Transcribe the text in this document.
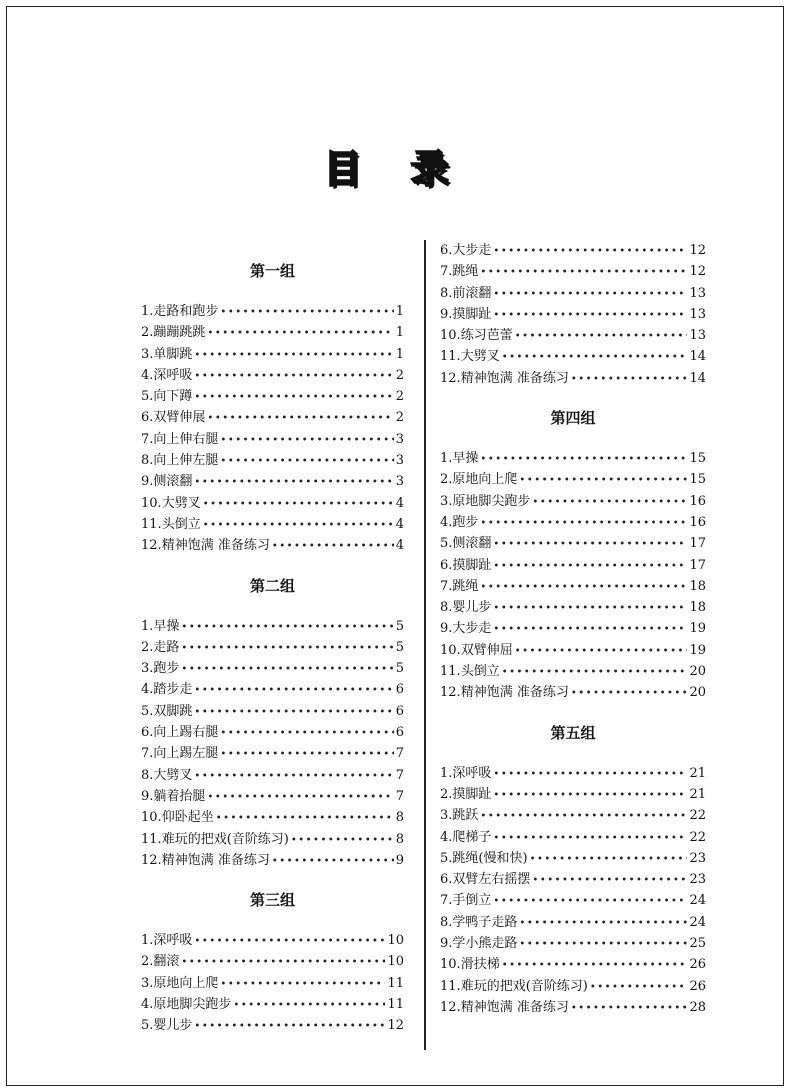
目 录
第一组
1. 走路和跑步 •••••	1
2. 蹦蹦跳跳 •••••	1
3. 单脚跳 •••••	1
4. 深呼吸 •••••	2
5. 向下蹲 •••••	2
6. 双臂伸展 •••••	2
7. 向上伸右腿 •••••	3
8. 向上伸左腿 •••••	3
9. 侧滚翻 •••••	3
10. 大劈叉 •••••	4
11. 头倒立 •••••	4
12. 精神饱满 准备练习 •••••	4
第二组
1. 早操 •••••	5
2. 走路 •••••	5
3. 跑步 •••••	5
4. 踏步走 •••••	6
5. 双脚跳 •••••	6
6. 向上踢右腿 •••••	6
7. 向上踢左腿 •••••	7
8. 大劈叉 •••••	7
9. 躺着抬腿 •••••	7
10. 仰卧起坐 •••••	8
11. 难玩的把戏(音阶练习) •••••	8
12. 精神饱满 准备练习 •••••	9
第三组
1. 深呼吸 •••••	10
2. 翻滚 •••••	10
3. 原地向上爬 •••••	11
4. 原地脚尖跑步 •••••	11
5. 婴儿步 •••••	12
6. 大步走 •••••	12
7. 跳绳 •••••	12
8. 前滚翻 •••••	13
9. 摸脚趾 •••••	13
10. 练习芭蕾 •••••	13
11. 大劈叉 •••••	14
12. 精神饱满 准备练习 •••••	14
第四组
1. 早操 •••••	15
2. 原地向上爬 •••••	15
3. 原地脚尖跑步 •••••	16
4. 跑步 •••••	16
5. 侧滚翻 •••••	17
6. 摸脚趾 •••••	17
7. 跳绳 •••••	18
8. 婴儿步 •••••	18
9. 大步走 •••••	19
10. 双臂伸屈 •••••	19
11. 头倒立 •••••	20
12. 精神饱满 准备练习 •••••	20
第五组
1. 深呼吸 •••••	21
2. 摸脚趾 •••••	21
3. 跳跃 •••••	22
4. 爬梯子 •••••	22
5. 跳绳(慢和快) •••••	23
6. 双臂左右摇摆 •••••	23
7. 手倒立 •••••	24
8. 学鸭子走路 •••••	24
9. 学小熊走路 •••••	25
10. 滑扶梯 •••••	26
11. 难玩的把戏(音阶练习) •••••	26
12. 精神饱满 准备练习 •••••	28
